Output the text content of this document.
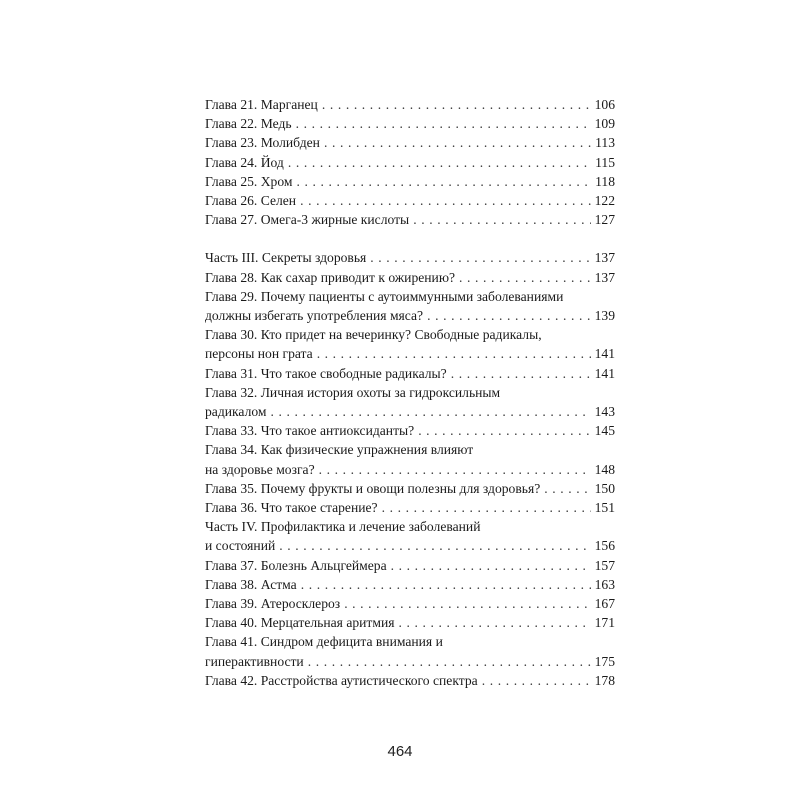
Глава 21. Марганец . . .	106
Глава 22. Медь . . .	109
Глава 23. Молибден . . .	113
Глава 24. Йод . . .	115
Глава 25. Хром . . .	118
Глава 26. Селен . . .	122
Глава 27. Омега-3 жирные кислоты . . .	127
Часть III. Секреты здоровья . . .	137
Глава 28. Как сахар приводит к ожирению? . . .	137
Глава 29. Почему пациенты с аутоиммунными заболеваниями
должны избегать употребления мяса? . . .	139
Глава 30. Кто придет на вечеринку? Свободные радикалы,
персоны нон грата . . .	141
Глава 31. Что такое свободные радикалы? . . .	141
Глава 32. Личная история охоты за гидроксильным
радикалом . . .	143
Глава 33. Что такое антиоксиданты? . . .	145
Глава 34. Как физические упражнения влияют
на здоровье мозга? . . .	148
Глава 35. Почему фрукты и овощи полезны для здоровья? . . .	150
Глава 36. Что такое старение? . . .	151
Часть IV. Профилактика и лечение заболеваний
и состояний . . .	156
Глава 37. Болезнь Альцгеймера . . .	157
Глава 38. Астма . . .	163
Глава 39. Атеросклероз . . .	167
Глава 40. Мерцательная аритмия . . .	171
Глава 41. Синдром дефицита внимания и
гиперактивности . . .	175
Глава 42. Расстройства аутистического спектра . . .	178
464
